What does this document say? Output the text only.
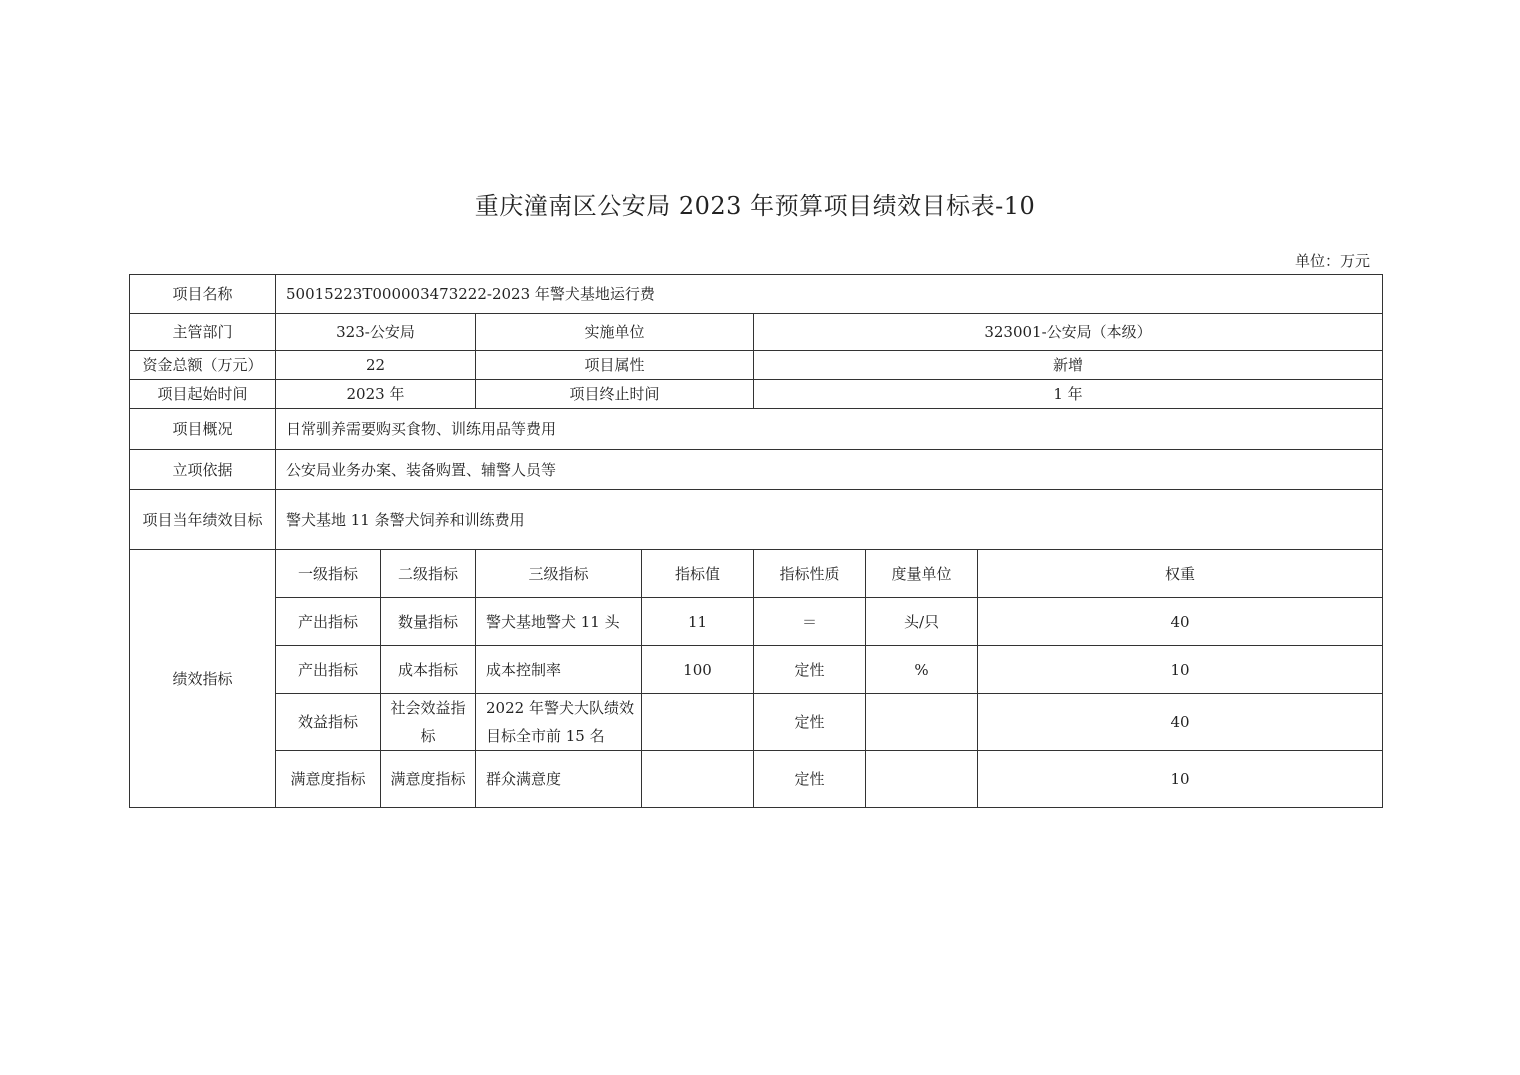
重庆潼南区公安局 2023 年预算项目绩效目标表-10
单位：万元
项目名称	50015223T000003473222-2023 年警犬基地运行费						
主管部门	323-公安局		实施单位		323001-公安局（本级）		
资金总额（万元）	22		项目属性		新增		
项目起始时间	2023 年		项目终止时间		1 年		
项目概况	日常驯养需要购买食物、训练用品等费用						
立项依据	公安局业务办案、装备购置、辅警人员等						
项目当年绩效目标	警犬基地 11 条警犬饲养和训练费用						
绩效指标	一级指标	二级指标	三级指标	指标值	指标性质	度量单位	权重
	产出指标	数量指标	警犬基地警犬 11 头	11	＝	头/只	40
	产出指标	成本指标	成本控制率	100	定性	%	10
	效益指标	社会效益指标	2022 年警犬大队绩效目标全市前 15 名		定性		40
	满意度指标	满意度指标	群众满意度		定性		10
